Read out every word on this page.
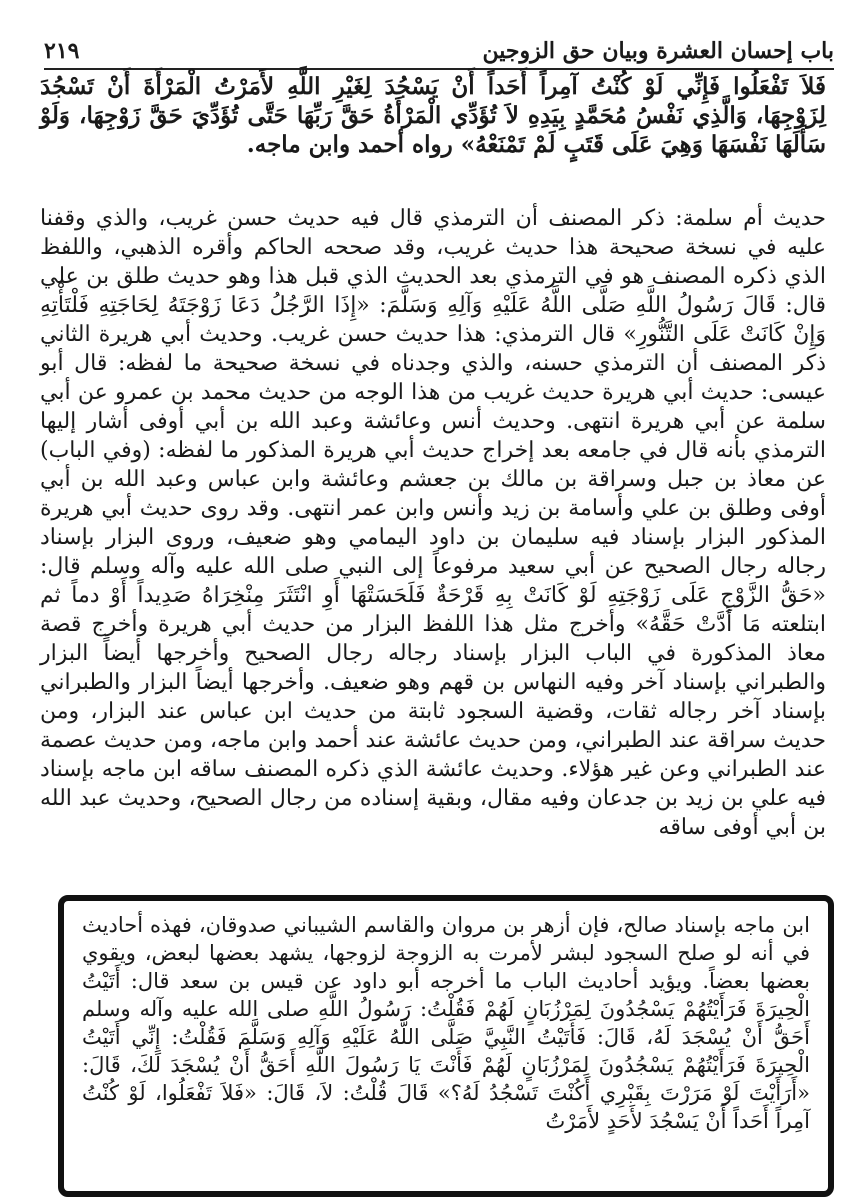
باب إحسان العشرة وبيان حق الزوجين
٢١٩

فَلاَ تَفْعَلُوا فَإِنِّي لَوْ كُنْتُ آمِراً أَحَداً أَنْ يَسْجُدَ لِغَيْرِ اللَّهِ لأَمَرْتُ الْمَرْأَةَ أَنْ تَسْجُدَ لِزَوْجِهَا، وَالَّذِي نَفْسُ مُحَمَّدٍ بِيَدِهِ لاَ تُؤَدِّي الْمَرْأَةُ حَقَّ رَبِّهَا حَتَّى تُؤَدِّيَ حَقَّ زَوْجِهَا، وَلَوْ سَأَلَهَا نَفْسَهَا وَهِيَ عَلَى قَتَبٍ لَمْ تَمْنَعْهُ» رواه أحمد وابن ماجه.

حديث أم سلمة: ذكر المصنف أن الترمذي قال فيه حديث حسن غريب، والذي وقفنا عليه في نسخة صحيحة هذا حديث غريب، وقد صححه الحاكم وأقره الذهبي، واللفظ الذي ذكره المصنف هو في الترمذي بعد الحديث الذي قبل هذا وهو حديث طلق بن علي قال: قَالَ رَسُولُ اللَّهِ صَلَّى اللَّهُ عَلَيْهِ وَآلِهِ وَسَلَّمَ: «إِذَا الرَّجُلُ دَعَا زَوْجَتَهُ لِحَاجَتِهِ فَلْتَأْتِهِ وَإِنْ كَانَتْ عَلَى التَّنُّورِ» قال الترمذي: هذا حديث حسن غريب. وحديث أبي هريرة الثاني ذكر المصنف أن الترمذي حسنه، والذي وجدناه في نسخة صحيحة ما لفظه: قال أبو عيسى: حديث أبي هريرة حديث غريب من هذا الوجه من حديث محمد بن عمرو عن أبي سلمة عن أبي هريرة انتهى. وحديث أنس وعائشة وعبد الله بن أبي أوفى أشار إليها الترمذي بأنه قال في جامعه بعد إخراج حديث أبي هريرة المذكور ما لفظه: (وفي الباب) عن معاذ بن جبل وسراقة بن مالك بن جعشم وعائشة وابن عباس وعبد الله بن أبي أوفى وطلق بن علي وأسامة بن زيد وأنس وابن عمر انتهى. وقد روى حديث أبي هريرة المذكور البزار بإسناد فيه سليمان بن داود اليمامي وهو ضعيف، وروى البزار بإسناد رجاله رجال الصحيح عن أبي سعيد مرفوعاً إلى النبي صلى الله عليه وآله وسلم قال: «حَقُّ الزَّوْجِ عَلَى زَوْجَتِهِ لَوْ كَانَتْ بِهِ قَرْحَةٌ فَلَحَسَتْهَا أَوِ انْتَثَرَ مِنْخِرَاهُ صَدِيداً أَوْ دماً ثم ابتلعته مَا أَدَّتْ حَقَّهُ» وأخرج مثل هذا اللفظ البزار من حديث أبي هريرة وأخرج قصة معاذ المذكورة في الباب البزار بإسناد رجاله رجال الصحيح وأخرجها أيضاً البزار والطبراني بإسناد آخر وفيه النهاس بن قهم وهو ضعيف. وأخرجها أيضاً البزار والطبراني بإسناد آخر رجاله ثقات، وقضية السجود ثابتة من حديث ابن عباس عند البزار، ومن حديث سراقة عند الطبراني، ومن حديث عائشة عند أحمد وابن ماجه، ومن حديث عصمة عند الطبراني وعن غير هؤلاء. وحديث عائشة الذي ذكره المصنف ساقه ابن ماجه بإسناد فيه علي بن زيد بن جدعان وفيه مقال، وبقية إسناده من رجال الصحيح، وحديث عبد الله بن أبي أوفى ساقه

ابن ماجه بإسناد صالح، فإن أزهر بن مروان والقاسم الشيباني صدوقان، فهذه أحاديث في أنه لو صلح السجود لبشر لأمرت به الزوجة لزوجها، يشهد بعضها لبعض، ويقوي بعضها بعضاً. ويؤيد أحاديث الباب ما أخرجه أبو داود عن قيس بن سعد قال: أَتَيْتُ الْحِيرَةَ فَرَأَيْتُهُمْ يَسْجُدُونَ لِمَرْزُبَانٍ لَهُمْ فَقُلْتُ: رَسُولُ اللَّهِ صلى الله عليه وآله وسلم أَحَقُّ أَنْ يُسْجَدَ لَهُ، قَالَ: فَأَتَيْتُ النَّبِيَّ صَلَّى اللَّهُ عَلَيْهِ وَآلِهِ وَسَلَّمَ فَقُلْتُ: إِنِّي أَتَيْتُ الْحِيرَةَ فَرَأَيْتُهُمْ يَسْجُدُونَ لِمَرْزُبَانٍ لَهُمْ فَأَنْتَ يَا رَسُولَ اللَّهِ أَحَقُّ أَنْ يُسْجَدَ لَكَ، قَالَ: «أَرَأَيْتَ لَوْ مَرَرْتَ بِقَبْرِي أَكُنْتَ تَسْجُدُ لَهُ؟» قَالَ قُلْتُ: لاَ، قَالَ: «فَلاَ تَفْعَلُوا، لَوْ كُنْتُ آمِراً أَحَداً أَنْ يَسْجُدَ لأَحَدٍ لأَمَرْتُ
